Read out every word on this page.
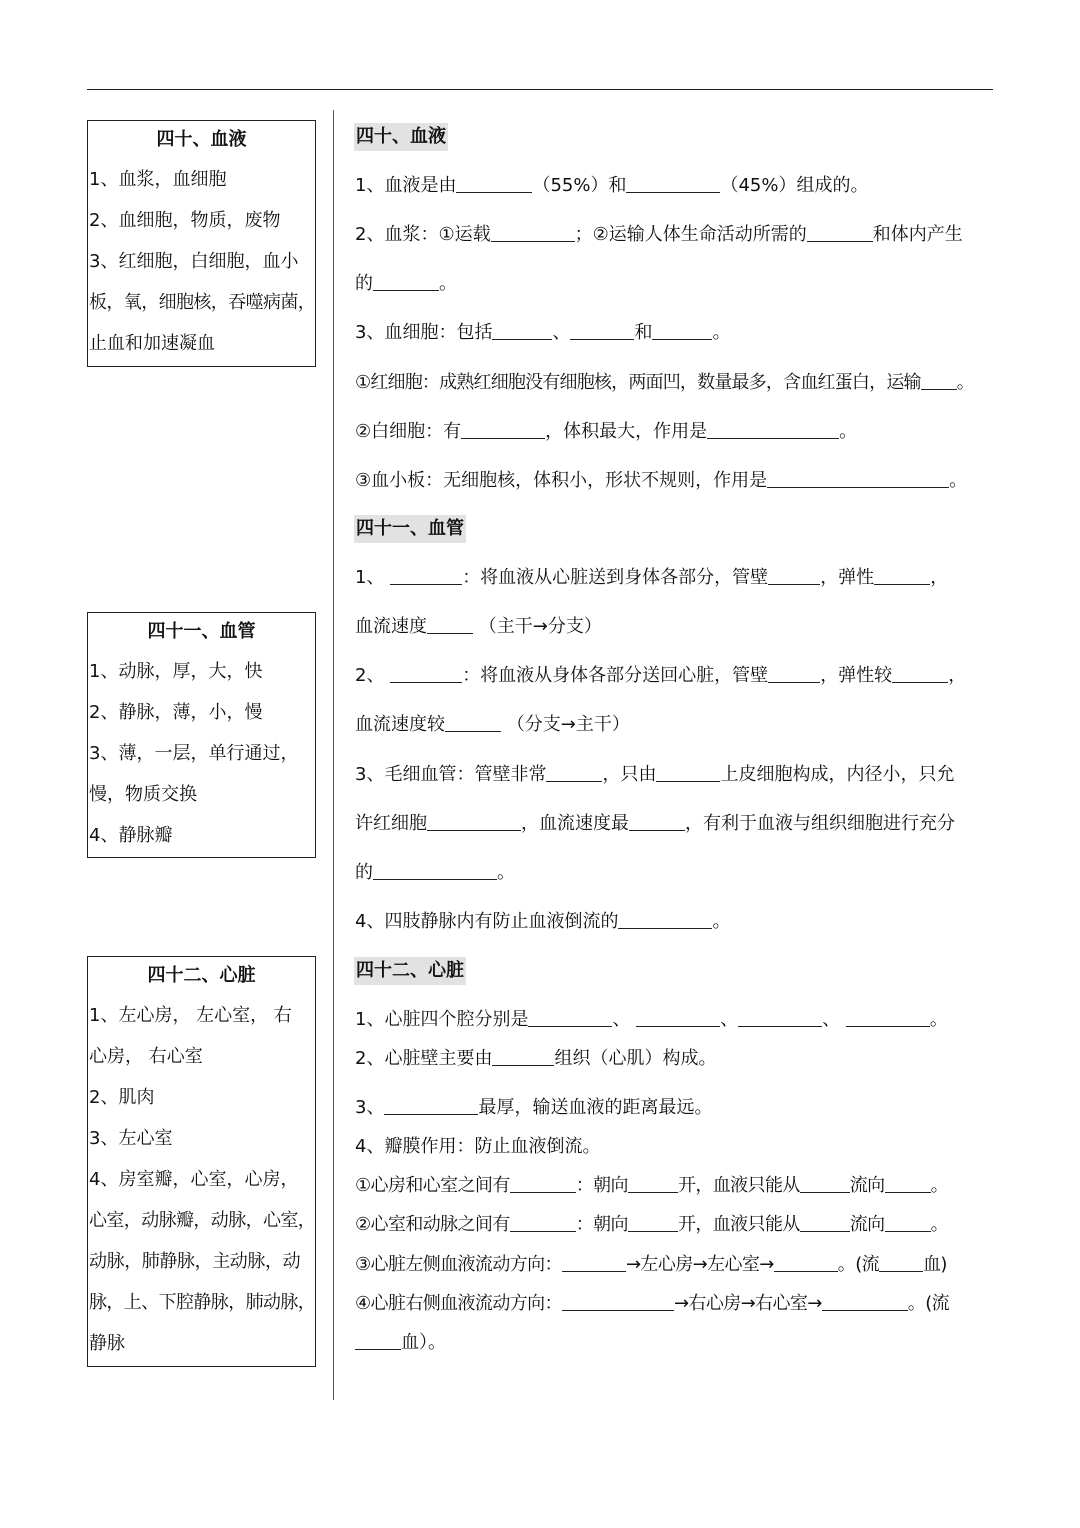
四十、血液
1、血浆，血细胞
2、血细胞，物质，废物
3、红细胞，白细胞，血小
板，氧，细胞核，吞噬病菌，
止血和加速凝血
四十一、血管
1、动脉，厚，大，快
2、静脉，薄，小，慢
3、薄，一层，单行通过，
慢，物质交换
4、静脉瓣
四十二、心脏
1、左心房， 左心室， 右
心房， 右心室
2、肌肉
3、左心室
4、房室瓣，心室，心房，
心室，动脉瓣，动脉，心室，
动脉，肺静脉，主动脉，动
脉，上、下腔静脉，肺动脉，
静脉
四十、血液
1、血液是由	（55%）和	（45%）组成的。
2、血浆：①运载	；②运输人体生命活动所需的	和体内产生
的	。
3、血细胞：包括	、	和	。
①红细胞：成熟红细胞没有细胞核，两面凹，数量最多，含血红蛋白，运输 。
②白细胞：有	，体积最大，作用是	。
③血小板：无细胞核，体积小，形状不规则，作用是	。
四十一、血管
1、	：将血液从心脏送到身体各部分，管壁	，弹性	，
血流速度	（主干→分支）
2、	：将血液从身体各部分送回心脏，管壁	，弹性较	，
血流速度较	（分支→主干）
3、毛细血管：管壁非常	，只由	上皮细胞构成，内径小，只允
许红细胞	，血流速度最	，有利于血液与组织细胞进行充分
的	。
4、四肢静脉内有防止血液倒流的	。
四十二、心脏
1、心脏四个腔分别是	、	、	、	。
2、心脏壁主要由	组织（心肌）构成。
3、	最厚，输送血液的距离最远。
4、瓣膜作用：防止血液倒流。
①心房和心室之间有	：朝向	开，血液只能从	流向	。
②心室和动脉之间有	：朝向	开，血液只能从	流向	。
③心脏左侧血液流动方向：	→左心房→左心室→	。(流 血)
④心脏右侧血液流动方向：	→右心房→右心室→	。(流
血）。
